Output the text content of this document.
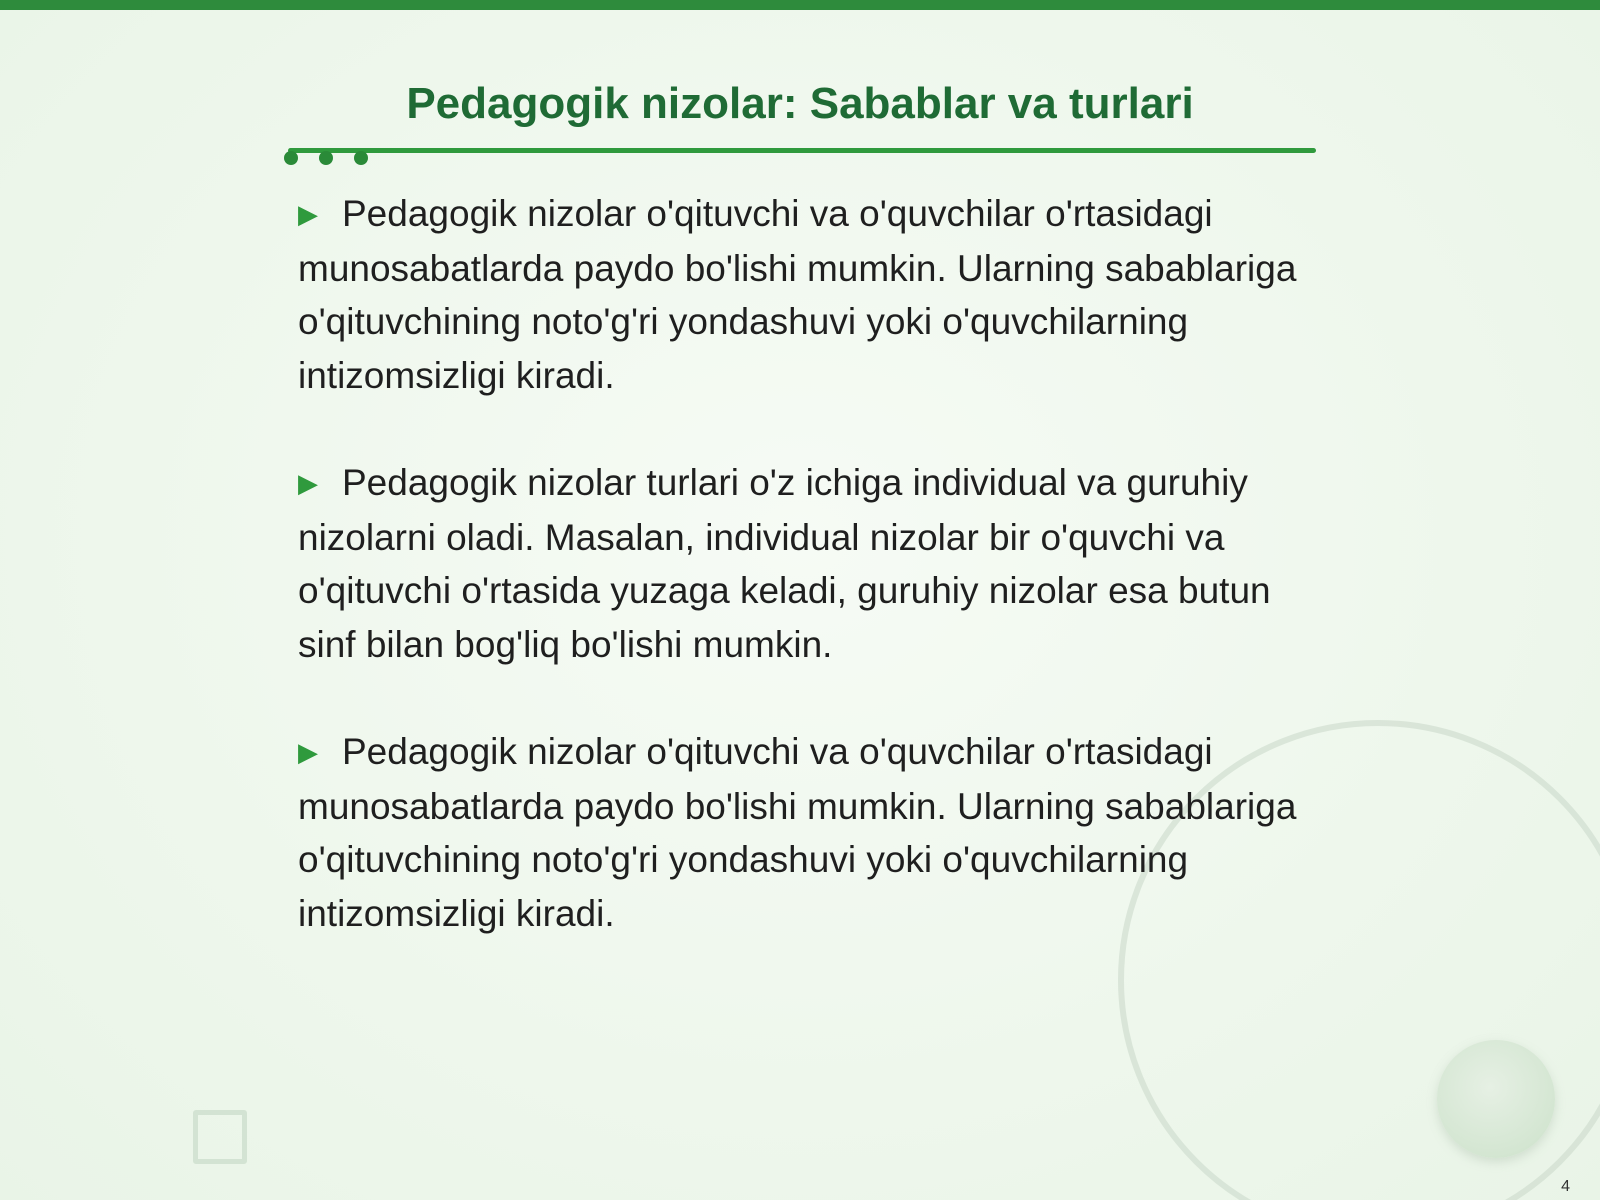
Pedagogik nizolar: Sabablar va turlari
▶ Pedagogik nizolar o'qituvchi va o'quvchilar o'rtasidagi munosabatlarda paydo bo'lishi mumkin. Ularning sabablariga o'qituvchining noto'g'ri yondashuvi yoki o'quvchilarning intizomsizligi kiradi.
▶ Pedagogik nizolar turlari o'z ichiga individual va guruhiy nizolarni oladi. Masalan, individual nizolar bir o'quvchi va o'qituvchi o'rtasida yuzaga keladi, guruhiy nizolar esa butun sinf bilan bog'liq bo'lishi mumkin.
▶ Pedagogik nizolar o'qituvchi va o'quvchilar o'rtasidagi munosabatlarda paydo bo'lishi mumkin. Ularning sabablariga o'qituvchining noto'g'ri yondashuvi yoki o'quvchilarning intizomsizligi kiradi.
4
